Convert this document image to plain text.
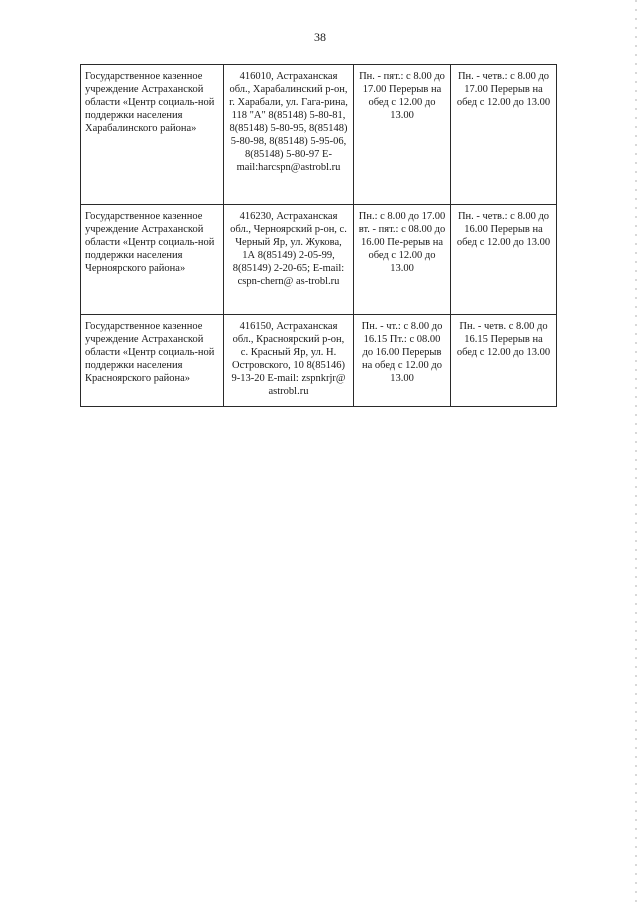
38
Государственное казенное учреждение Астраханской области «Центр социаль-ной поддержки населения Харабалинского района»	416010, Астраханская обл., Харабалинский р-он, г. Харабали, ул. Гага-рина, 118 "А" 8(85148) 5-80-81, 8(85148) 5-80-95, 8(85148) 5-80-98, 8(85148) 5-95-06, 8(85148) 5-80-97 E-mail:harcspn@astrobl.ru	Пн. - пят.: с 8.00 до 17.00 Перерыв на обед с 12.00 до 13.00	Пн. - четв.: с 8.00 до 17.00 Перерыв на обед с 12.00 до 13.00
Государственное казенное учреждение Астраханской области «Центр социаль-ной поддержки населения Черноярского района»	416230, Астраханская обл., Черноярский р-он, с. Черный Яр, ул. Жукова, 1А 8(85149) 2-05-99, 8(85149) 2-20-65; E-mail: cspn-chern@ as-trobl.ru	Пн.: с 8.00 до 17.00 вт. - пят.: с 08.00 до 16.00 Пе-рерыв на обед с 12.00 до 13.00	Пн. - четв.: с 8.00 до 16.00 Перерыв на обед с 12.00 до 13.00
Государственное казенное учреждение Астраханской области «Центр социаль-ной поддержки населения Красноярского района»	416150, Астраханская обл., Красноярский р-он, с. Красный Яр, ул. Н. Островского, 10 8(85146) 9-13-20 E-mail: zspnkrjr@ astrobl.ru	Пн. - чт.: с 8.00 до 16.15 Пт.: с 08.00 до 16.00 Перерыв на обед с 12.00 до 13.00	Пн. - четв. с 8.00 до 16.15 Перерыв на обед с 12.00 до 13.00
